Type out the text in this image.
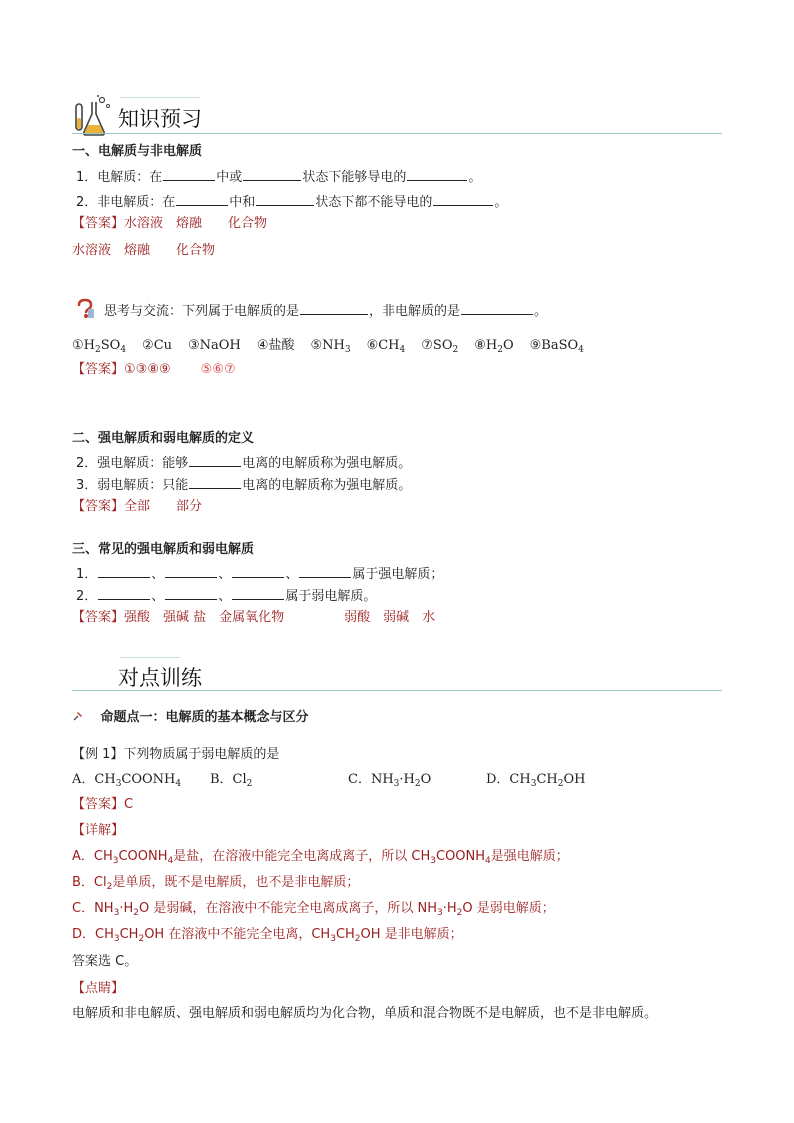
知识预习
一、电解质与非电解质
1．电解质：在	中或	状态下能够导电的	。
2．非电解质：在	中和	状态下都不能导电的	。
【答案】水溶液　熔融　　化合物
水溶液　熔融　　化合物
思考与交流：下列属于电解质的是	，非电解质的是	。
$①H_2SO_4$ ②Cu ③NaOH ④盐酸 $⑤NH_3$ $⑥CH_4$ $⑦SO_2$ $⑧H_2O$ ⑨BaSO$_4$
【答案】①③⑧⑨ ⑤⑥⑦
二、强电解质和弱电解质的定义
2．强电解质：能够	电离的电解质称为强电解质。
3．弱电解质：只能	电离的电解质称为强电解质。
【答案】全部　　部分
三、常见的强电解质和弱电解质
1．	、	、	、	属于强电解质；
2．	、	、	属于弱电解质。
【答案】强酸　强碱 盐　金属氧化物	弱酸　弱碱　水
对点训练
命题点一：电解质的基本概念与区分
【例 1】下列物质属于弱电解质的是
A．$CH_3COONH_4$ B．$Cl_2$	C．$NH_3\cdot H_2O$	D．$CH_3CH_2OH$
【答案】C
【详解】
A．$CH_3COONH_4$是盐，在溶液中能完全电离成离子，所以 $CH_3COONH_4$是强电解质；
B．$Cl_2$是单质，既不是电解质，也不是非电解质；
C．$NH_3\cdot H_2O$ 是弱碱，在溶液中不能完全电离成离子，所以 $NH_3\cdot H_2O$ 是弱电解质；
D．$CH_3CH_2OH$ 在溶液中不能完全电离，$CH_3CH_2OH$ 是非电解质；
答案选 C。
【点睛】
电解质和非电解质、强电解质和弱电解质均为化合物，单质和混合物既不是电解质，也不是非电解质。
